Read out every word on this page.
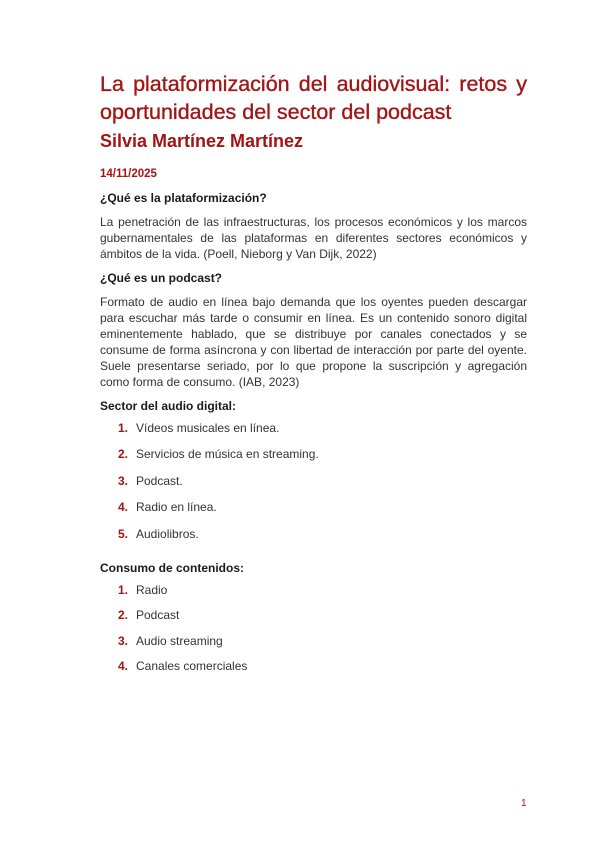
La plataformización del audiovisual: retos y oportunidades del sector del podcast
Silvia Martínez Martínez
14/11/2025
¿Qué es la plataformización?

La penetración de las infraestructuras, los procesos económicos y los marcos gubernamentales de las plataformas en diferentes sectores económicos y ámbitos de la vida. (Poell, Nieborg y Van Dijk, 2022)

¿Qué es un podcast?

Formato de audio en línea bajo demanda que los oyentes pueden descargar para escuchar más tarde o consumir en línea. Es un contenido sonoro digital eminentemente hablado, que se distribuye por canales conectados y se consume de forma asíncrona y con libertad de interacción por parte del oyente. Suele presentarse seriado, por lo que propone la suscripción y agregación como forma de consumo. (IAB, 2023)

Sector del audio digital:
1. Vídeos musicales en línea.
2. Servicios de música en streaming.
3. Podcast.
4. Radio en línea.
5. Audiolibros.
Consumo de contenidos:
1. Radio
2. Podcast
3. Audio streaming
4. Canales comerciales
1
